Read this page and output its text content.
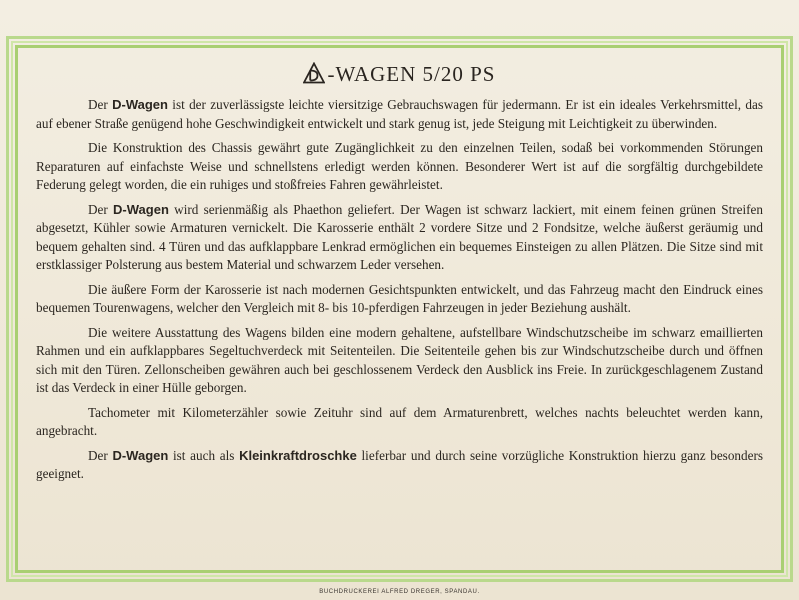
-WAGEN 5/20 PS

Der D-Wagen ist der zuverlässigste leichte viersitzige Gebrauchswagen für jedermann. Er ist ein ideales Verkehrsmittel, das auf ebener Straße genügend hohe Geschwindigkeit entwickelt und stark genug ist, jede Steigung mit Leichtigkeit zu überwinden.

Die Konstruktion des Chassis gewährt gute Zugänglichkeit zu den einzelnen Teilen, sodaß bei vorkommenden Störungen Reparaturen auf einfachste Weise und schnellstens erledigt werden können. Besonderer Wert ist auf die sorgfältig durchgebildete Federung gelegt worden, die ein ruhiges und stoßfreies Fahren gewährleistet.

Der D-Wagen wird serienmäßig als Phaethon geliefert. Der Wagen ist schwarz lackiert, mit einem feinen grünen Streifen abgesetzt, Kühler sowie Armaturen vernickelt. Die Karosserie enthält 2 vordere Sitze und 2 Fondsitze, welche äußerst geräumig und bequem gehalten sind. 4 Türen und das aufklappbare Lenkrad ermöglichen ein bequemes Einsteigen zu allen Plätzen. Die Sitze sind mit erstklassiger Polsterung aus bestem Material und schwarzem Leder versehen.

Die äußere Form der Karosserie ist nach modernen Gesichtspunkten entwickelt, und das Fahrzeug macht den Eindruck eines bequemen Tourenwagens, welcher den Vergleich mit 8- bis 10-pferdigen Fahrzeugen in jeder Beziehung aushält.

Die weitere Ausstattung des Wagens bilden eine modern gehaltene, aufstellbare Windschutzscheibe im schwarz emaillierten Rahmen und ein aufklappbares Segeltuchverdeck mit Seitenteilen. Die Seitenteile gehen bis zur Windschutzscheibe durch und öffnen sich mit den Türen. Zellonscheiben gewähren auch bei geschlossenem Verdeck den Ausblick ins Freie. In zurückgeschlagenem Zustand ist das Verdeck in einer Hülle geborgen.

Tachometer mit Kilometerzähler sowie Zeituhr sind auf dem Armaturenbrett, welches nachts beleuchtet werden kann, angebracht.

Der D-Wagen ist auch als Kleinkraftdroschke lieferbar und durch seine vorzügliche Konstruktion hierzu ganz besonders geeignet.

BUCHDRUCKEREI ALFRED DREGER, SPANDAU.
